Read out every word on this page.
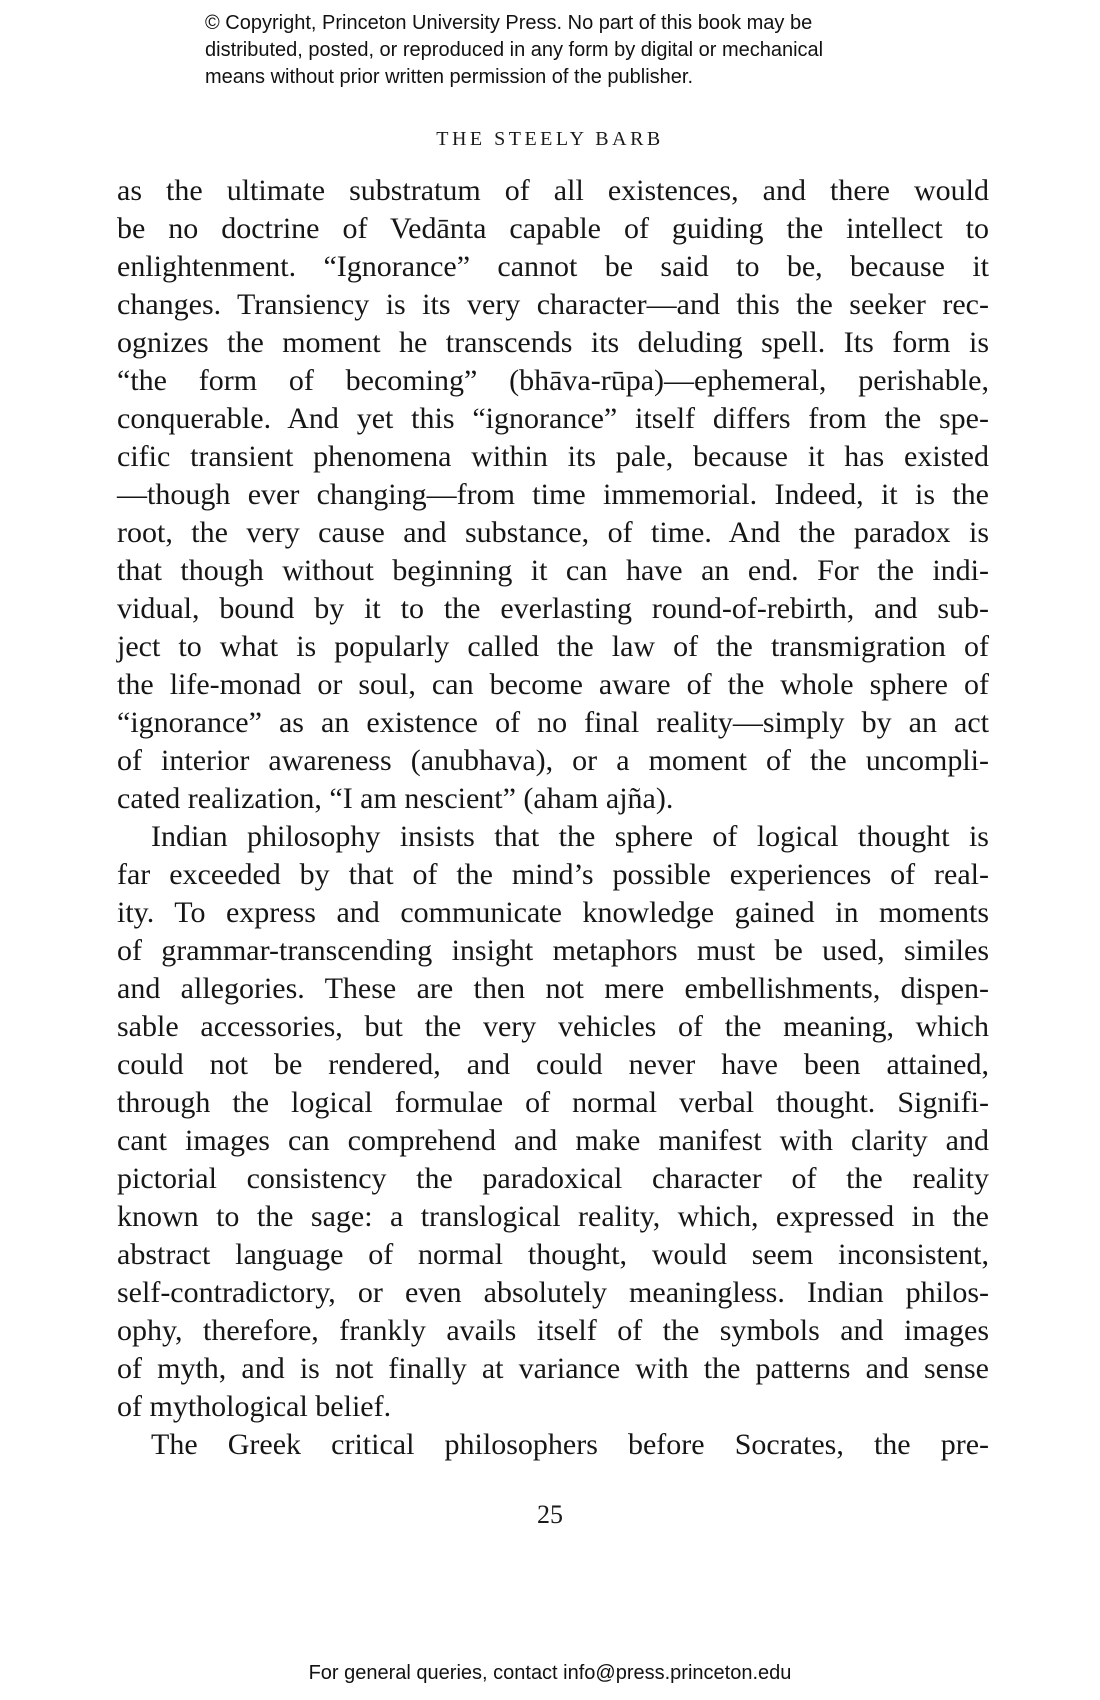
© Copyright, Princeton University Press. No part of this book may be
distributed, posted, or reproduced in any form by digital or mechanical
means without prior written permission of the publisher.
THE STEELY BARB
as the ultimate substratum of all existences, and there would
be no doctrine of Vedānta capable of guiding the intellect to
enlightenment. “Ignorance” cannot be said to be, because it
changes. Transiency is its very character—and this the seeker rec-
ognizes the moment he transcends its deluding spell. Its form is
“the form of becoming” (bhāva-rūpa)—ephemeral, perishable,
conquerable. And yet this “ignorance” itself differs from the spe-
cific transient phenomena within its pale, because it has existed
—though ever changing—from time immemorial. Indeed, it is the
root, the very cause and substance, of time. And the paradox is
that though without beginning it can have an end. For the indi-
vidual, bound by it to the everlasting round-of-rebirth, and sub-
ject to what is popularly called the law of the transmigration of
the life-monad or soul, can become aware of the whole sphere of
“ignorance” as an existence of no final reality—simply by an act
of interior awareness (anubhava), or a moment of the uncompli-
cated realization, “I am nescient” (aham ajña).
Indian philosophy insists that the sphere of logical thought is
far exceeded by that of the mind’s possible experiences of real-
ity. To express and communicate knowledge gained in moments
of grammar-transcending insight metaphors must be used, similes
and allegories. These are then not mere embellishments, dispen-
sable accessories, but the very vehicles of the meaning, which
could not be rendered, and could never have been attained,
through the logical formulae of normal verbal thought. Signifi-
cant images can comprehend and make manifest with clarity and
pictorial consistency the paradoxical character of the reality
known to the sage: a translogical reality, which, expressed in the
abstract language of normal thought, would seem inconsistent,
self-contradictory, or even absolutely meaningless. Indian philos-
ophy, therefore, frankly avails itself of the symbols and images
of myth, and is not finally at variance with the patterns and sense
of mythological belief.
The Greek critical philosophers before Socrates, the pre-
25
For general queries, contact info@press.princeton.edu
